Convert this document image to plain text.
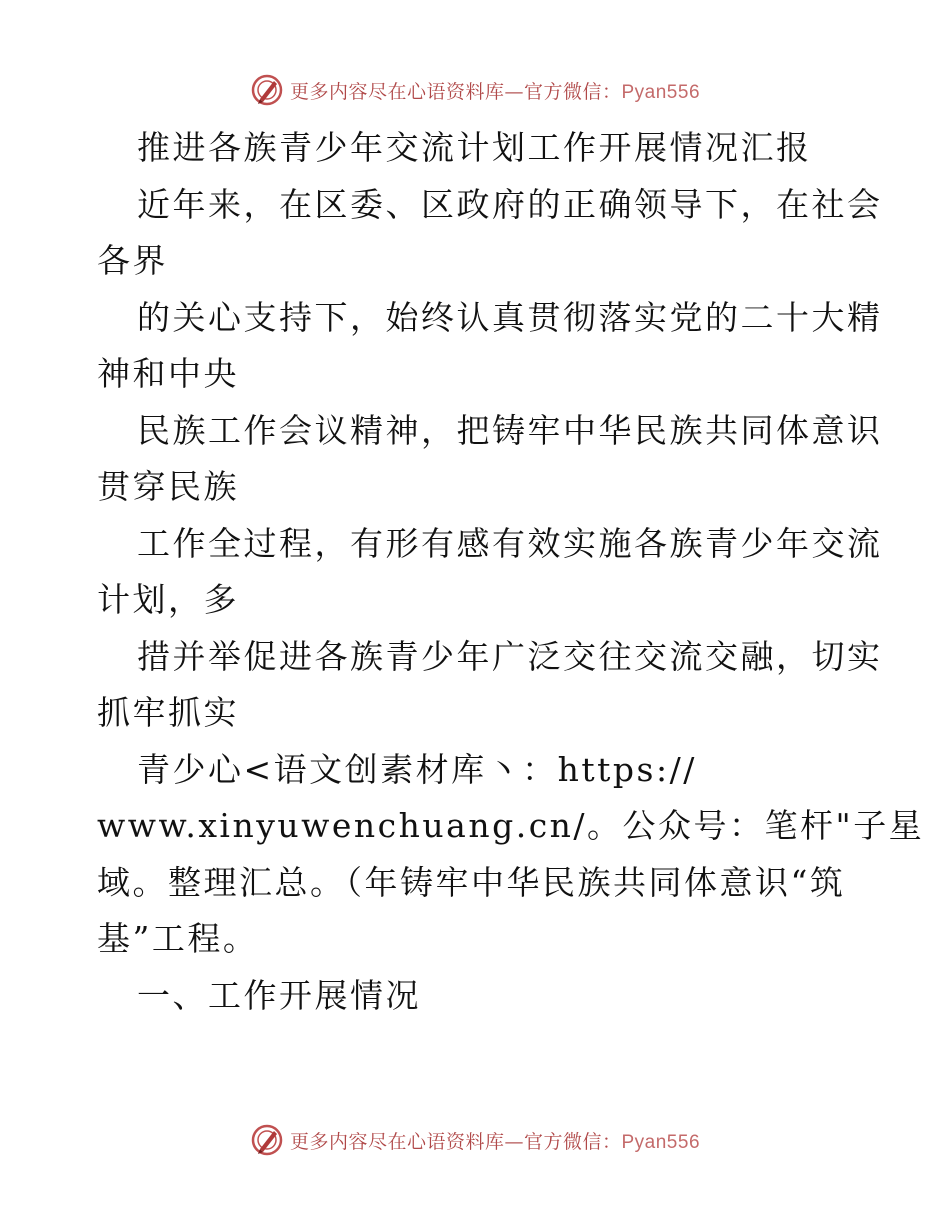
更多内容尽在心语资料库—官方微信：Pyan556
推进各族青少年交流计划工作开展情况汇报
近年来，在区委、区政府的正确领导下，在社会
各界
的关心支持下，始终认真贯彻落实党的二十大精
神和中央
民族工作会议精神，把铸牢中华民族共同体意识
贯穿民族
工作全过程，有形有感有效实施各族青少年交流
计划，多
措并举促进各族青少年广泛交往交流交融，切实
抓牢抓实
青少心<语文创素材库丶：https://
www.xinyuwenchuang.cn/。公众号：笔杆"子星
域。整理汇总。（年铸牢中华民族共同体意识“筑
基”工程。
一、工作开展情况
更多内容尽在心语资料库—官方微信：Pyan556
